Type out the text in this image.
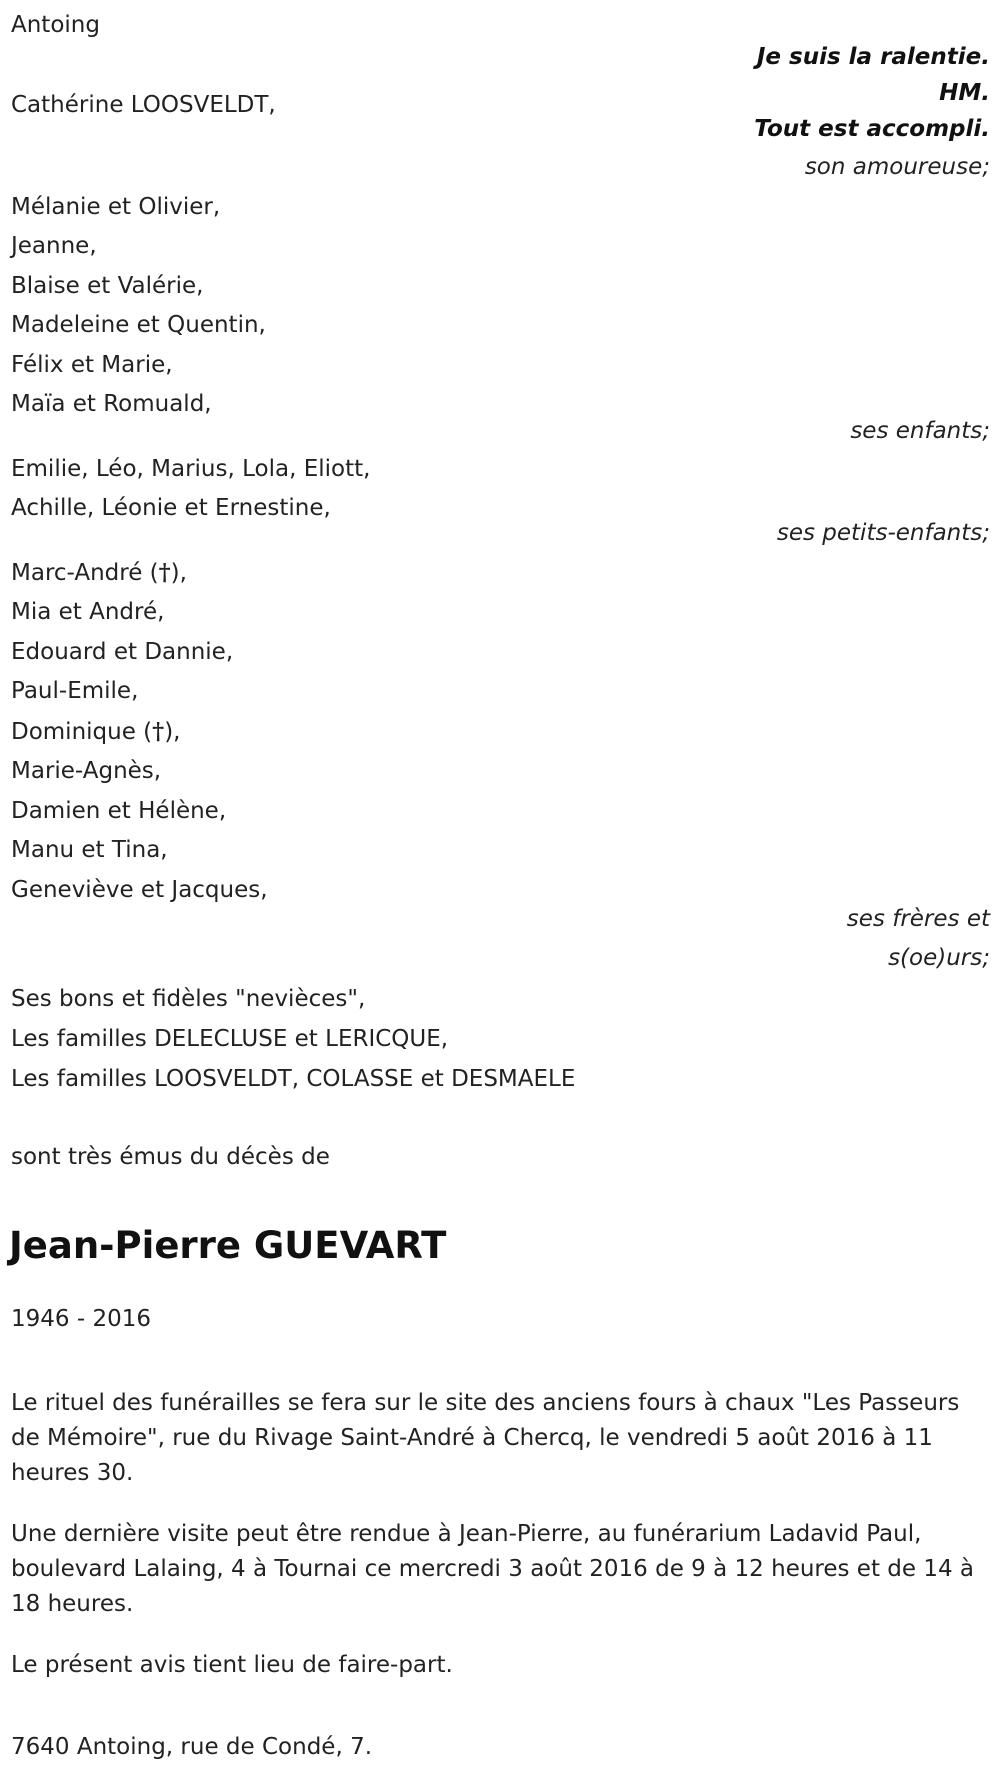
Antoing
Je suis la ralentie.
HM.
Cathérine LOOSVELDT,
Tout est accompli.
son amoureuse;
Mélanie et Olivier,
Jeanne,
Blaise et Valérie,
Madeleine et Quentin,
Félix et Marie,
Maïa et Romuald,
ses enfants;
Emilie, Léo, Marius, Lola, Eliott,
Achille, Léonie et Ernestine,
ses petits-enfants;
Marc-André (†),
Mia et André,
Edouard et Dannie,
Paul-Emile,
Dominique (†),
Marie-Agnès,
Damien et Hélène,
Manu et Tina,
Geneviève et Jacques,
ses frères et
s(oe)urs;
Ses bons et fidèles "nevièces",
Les familles DELECLUSE et LERICQUE,
Les familles LOOSVELDT, COLASSE et DESMAELE
sont très émus du décès de
Jean-Pierre GUEVART
1946 - 2016
Le rituel des funérailles se fera sur le site des anciens fours à chaux "Les Passeurs de Mémoire", rue du Rivage Saint-André à Chercq, le vendredi 5 août 2016 à 11 heures 30.
Une dernière visite peut être rendue à Jean-Pierre, au funérarium Ladavid Paul, boulevard Lalaing, 4 à Tournai ce mercredi 3 août 2016 de 9 à 12 heures et de 14 à 18 heures.
Le présent avis tient lieu de faire-part.
7640 Antoing, rue de Condé, 7.
